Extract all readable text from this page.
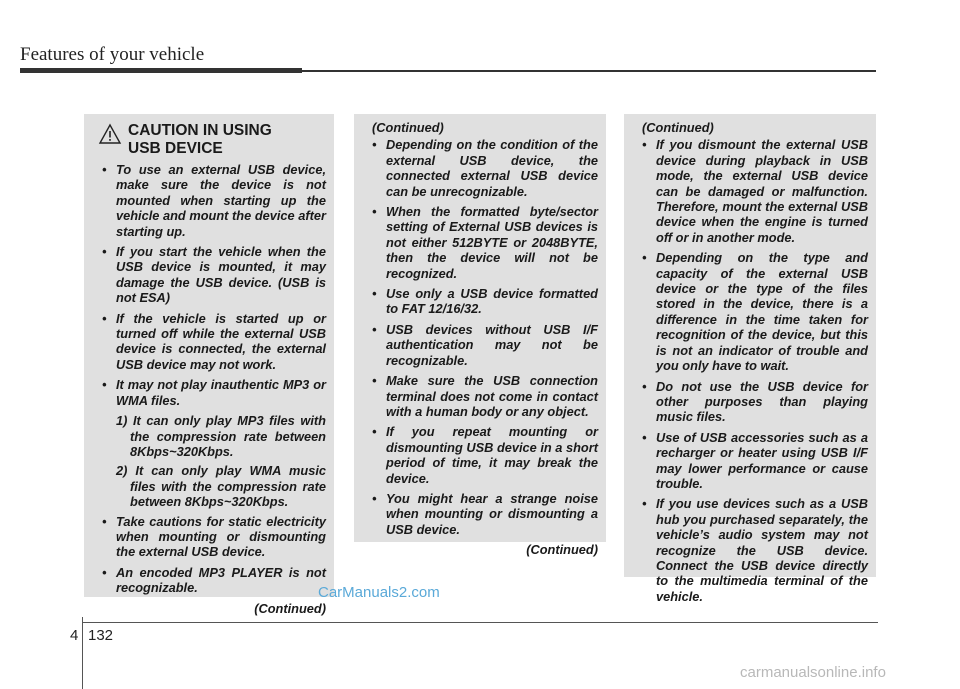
Features of your vehicle

CAUTION IN USING

USB DEVICE

• To use an external USB device, make sure the device is not mounted when starting up the vehicle and mount the device after starting up.
• If you start the vehicle when the USB device is mounted, it may damage the USB device. (USB is not ESA)
• If the vehicle is started up or turned off while the external USB device is connected, the external USB device may not work.
• It may not play inauthentic MP3 or WMA files.
1) It can only play MP3 files with the compression rate between 8Kbps~320Kbps.
2) It can only play WMA music files with the compression rate between 8Kbps~320Kbps.
• Take cautions for static electricity when mounting or dismounting the external USB device.
• An encoded MP3 PLAYER is not recognizable.
(Continued)

(Continued)

• Depending on the condition of the external USB device, the connected external USB device can be unrecognizable.
• When the formatted byte/sector setting of External USB devices is not either 512BYTE or 2048BYTE, then the device will not be recognized.
• Use only a USB device formatted to FAT 12/16/32.
• USB devices without USB I/F authentication may not be recognizable.
• Make sure the USB connection terminal does not come in contact with a human body or any object.
• If you repeat mounting or dismounting USB device in a short period of time, it may break the device.
• You might hear a strange noise when mounting or dismounting a USB device.
(Continued)

(Continued)

• If you dismount the external USB device during playback in USB mode, the external USB device can be damaged or malfunction. Therefore, mount the external USB device when the engine is turned off or in another mode.
• Depending on the type and capacity of the external USB device or the type of the files stored in the device, there is a difference in the time taken for recognition of the device, but this is not an indicator of trouble and you only have to wait.
• Do not use the USB device for other purposes than playing music files.
• Use of USB accessories such as a recharger or heater using USB I/F may lower performance or cause trouble.
• If you use devices such as a USB hub you purchased separately, the vehicle’s audio system may not recognize the USB device. Connect the USB device directly to the multimedia terminal of the vehicle.
CarManuals2.com
4 132
carmanualsonline.info
